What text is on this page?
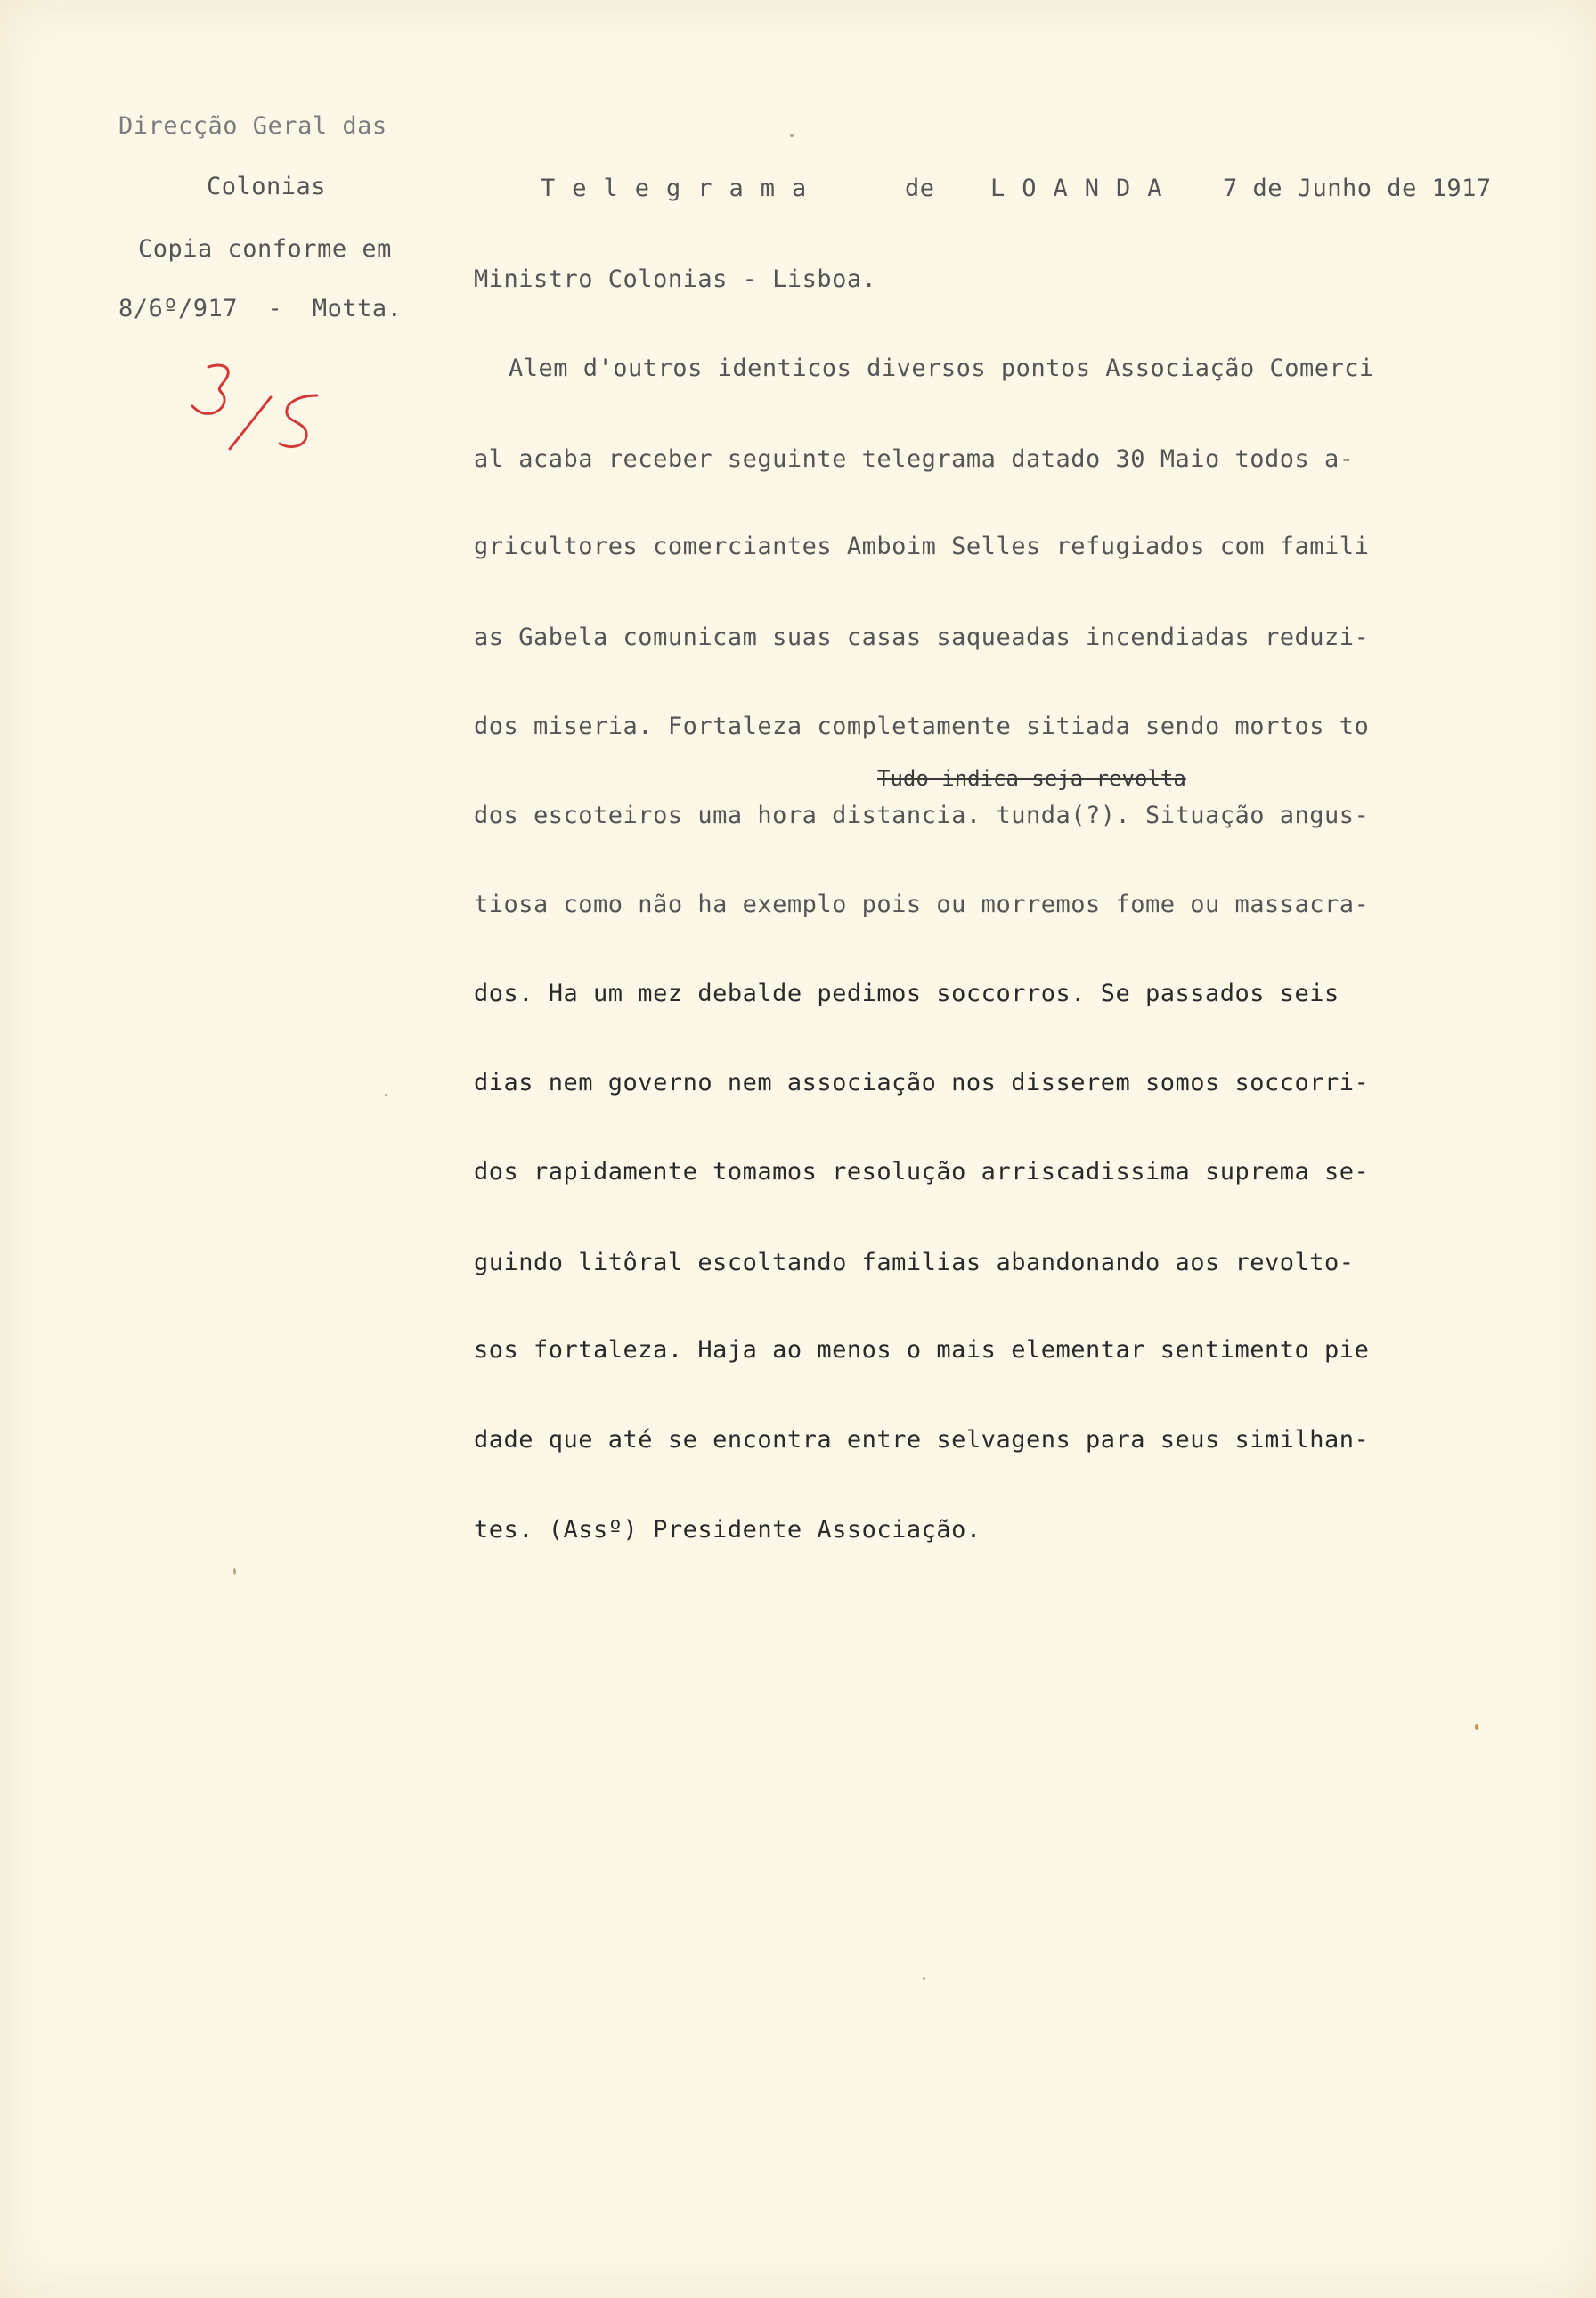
Direcção Geral das
Colonias
Copia conforme em
8/6º/917  -  Motta.
Telegrama	de LOANDA 7 de Junho de 1917
Ministro Colonias - Lisboa.
Alem d'outros identicos diversos pontos Associação Comerci
al acaba receber seguinte telegrama datado 30 Maio todos a-
gricultores comerciantes Amboim Selles refugiados com famili
as Gabela comunicam suas casas saqueadas incendiadas reduzi-
dos miseria. Fortaleza completamente sitiada sendo mortos to
Tudo indica seja revolta
dos escoteiros uma hora distancia. tunda(?). Situação angus-
tiosa como não ha exemplo pois ou morremos fome ou massacra-
dos. Ha um mez debalde pedimos soccorros. Se passados seis
dias nem governo nem associação nos disserem somos soccorri-
dos rapidamente tomamos resolução arriscadissima suprema se-
guindo litôral escoltando familias abandonando aos revolto-
sos fortaleza. Haja ao menos o mais elementar sentimento pie
dade que até se encontra entre selvagens para seus similhan-
tes. (Assº) Presidente Associação.
